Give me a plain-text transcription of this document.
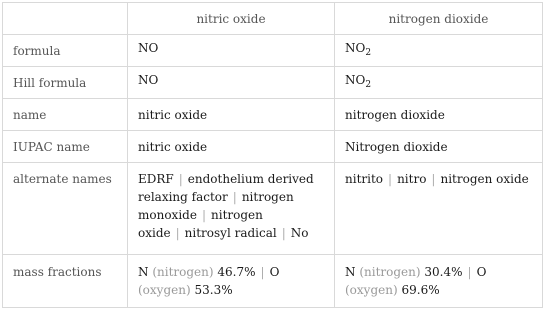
	nitric oxide	nitrogen dioxide
formula	NO	$NO_2$
Hill formula	NO	$NO_2$
name	nitric oxide	nitrogen dioxide
IUPAC name	nitric oxide	Nitrogen dioxide
alternate names	EDRF | endothelium derived relaxing factor | nitrogen monoxide | nitrogen oxide | nitrosyl radical | No	nitrito | nitro | nitrogen oxide
mass fractions	N (nitrogen) 46.7% | O (oxygen) 53.3%	N (nitrogen) 30.4% | O (oxygen) 69.6%
